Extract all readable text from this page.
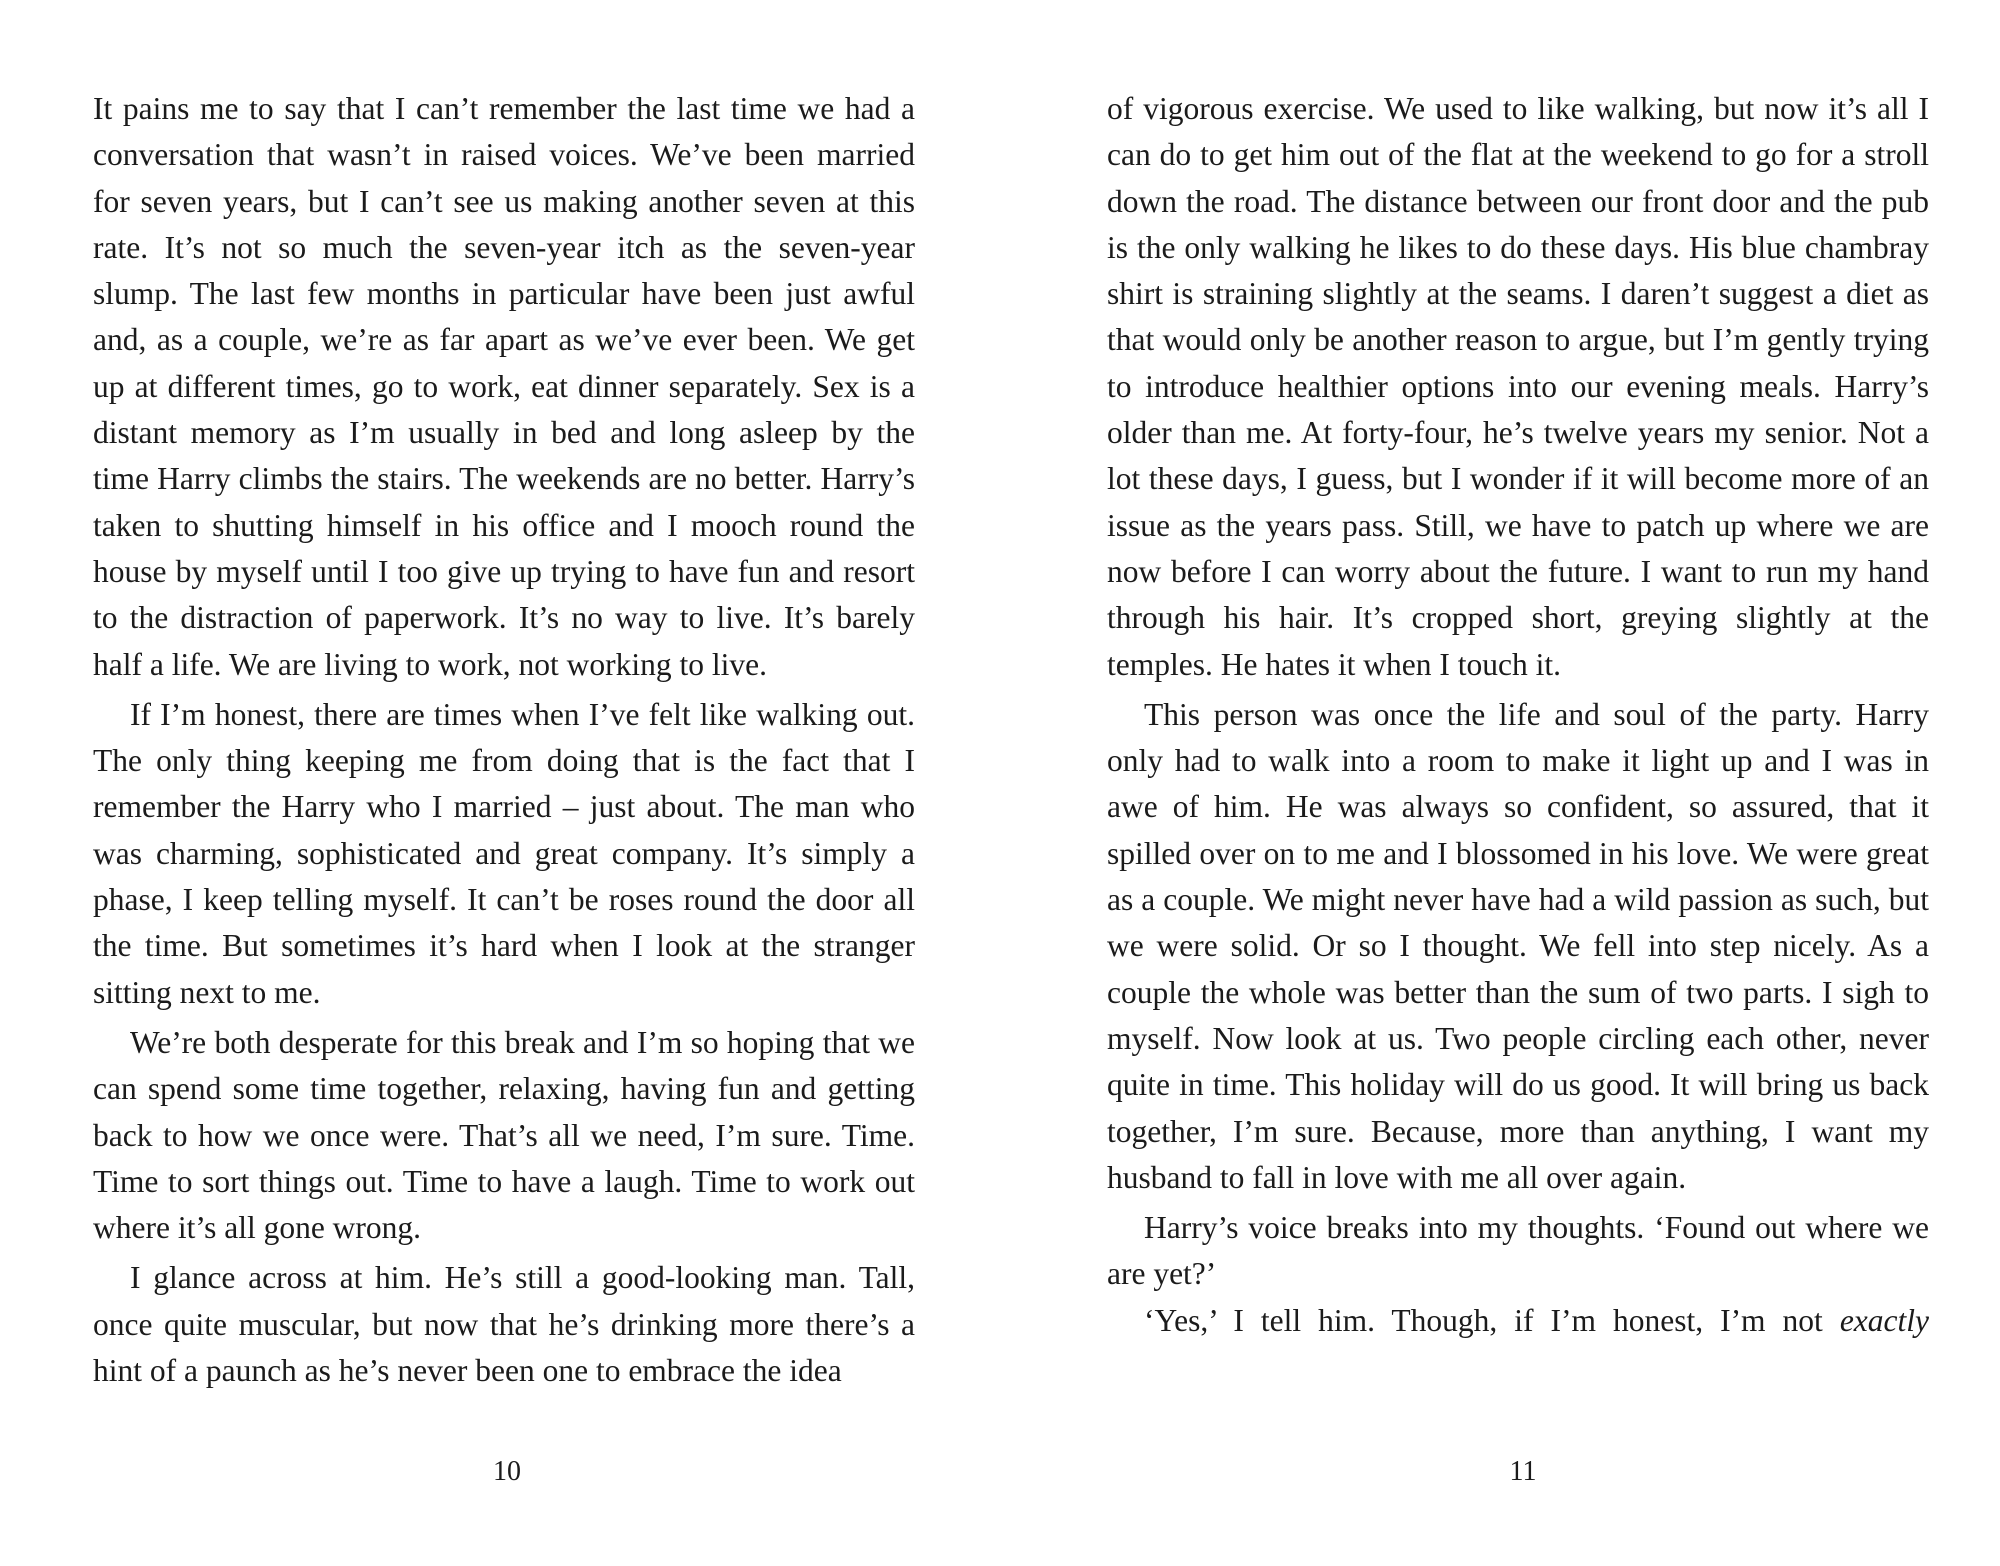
It pains me to say that I can’t remember the last time we had a conversation that wasn’t in raised voices. We’ve been married for seven years, but I can’t see us making another seven at this rate. It’s not so much the seven-year itch as the seven-year slump. The last few months in particular have been just awful and, as a couple, we’re as far apart as we’ve ever been. We get up at different times, go to work, eat dinner separately. Sex is a distant memory as I’m usually in bed and long asleep by the time Harry climbs the stairs. The weekends are no better. Harry’s taken to shutting himself in his office and I mooch round the house by myself until I too give up trying to have fun and resort to the distraction of paperwork. It’s no way to live. It’s barely half a life. We are living to work, not working to live.

If I’m honest, there are times when I’ve felt like walking out. The only thing keeping me from doing that is the fact that I remember the Harry who I married – just about. The man who was charming, sophisticated and great company. It’s simply a phase, I keep telling myself. It can’t be roses round the door all the time. But sometimes it’s hard when I look at the stranger sitting next to me.

We’re both desperate for this break and I’m so hoping that we can spend some time together, relaxing, having fun and getting back to how we once were. That’s all we need, I’m sure. Time. Time to sort things out. Time to have a laugh. Time to work out where it’s all gone wrong.

I glance across at him. He’s still a good-looking man. Tall, once quite muscular, but now that he’s drinking more there’s a hint of a paunch as he’s never been one to embrace the idea

10

of vigorous exercise. We used to like walking, but now it’s all I can do to get him out of the flat at the weekend to go for a stroll down the road. The distance between our front door and the pub is the only walking he likes to do these days. His blue chambray shirt is straining slightly at the seams. I daren’t suggest a diet as that would only be another reason to argue, but I’m gently trying to introduce healthier options into our evening meals. Harry’s older than me. At forty-four, he’s twelve years my senior. Not a lot these days, I guess, but I wonder if it will become more of an issue as the years pass. Still, we have to patch up where we are now before I can worry about the future. I want to run my hand through his hair. It’s cropped short, greying slightly at the temples. He hates it when I touch it.

This person was once the life and soul of the party. Harry only had to walk into a room to make it light up and I was in awe of him. He was always so confident, so assured, that it spilled over on to me and I blossomed in his love. We were great as a couple. We might never have had a wild passion as such, but we were solid. Or so I thought. We fell into step nicely. As a couple the whole was better than the sum of two parts. I sigh to myself. Now look at us. Two people circling each other, never quite in time. This holiday will do us good. It will bring us back together, I’m sure. Because, more than anything, I want my husband to fall in love with me all over again.

Harry’s voice breaks into my thoughts. ‘Found out where we are yet?’

‘Yes,’ I tell him. Though, if I’m honest, I’m not exactly

11
